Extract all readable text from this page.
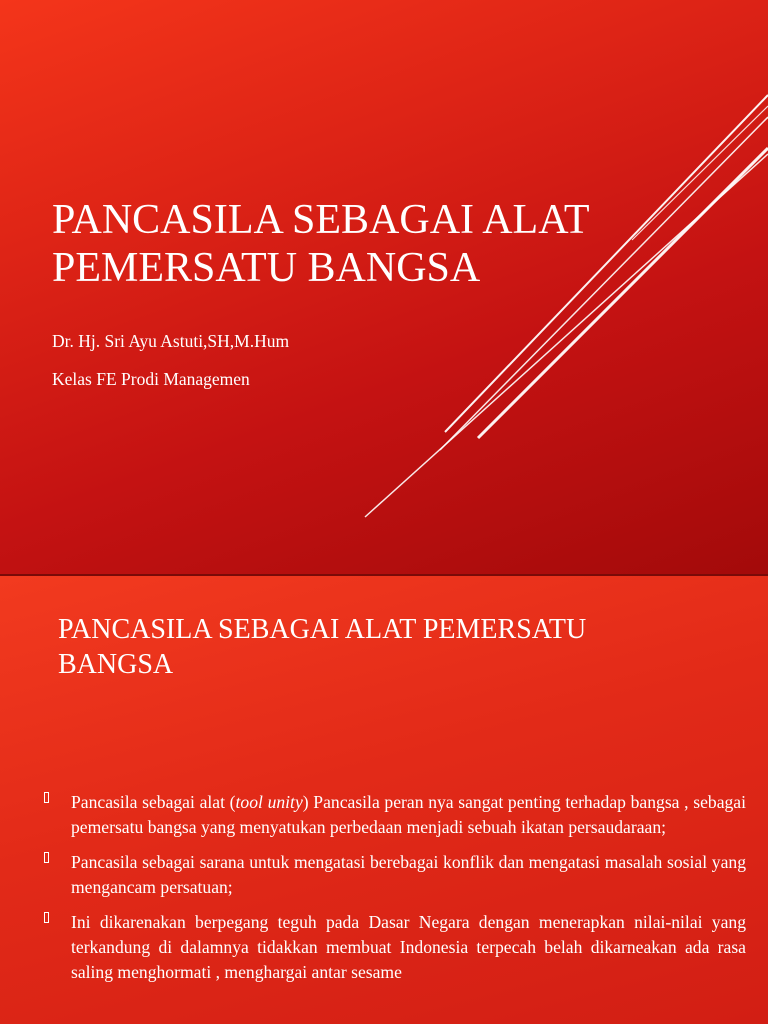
PANCASILA SEBAGAI ALAT
PEMERSATU BANGSA

Dr. Hj. Sri Ayu Astuti,SH,M.Hum

Kelas FE Prodi Managemen

PANCASILA SEBAGAI ALAT PEMERSATU
BANGSA
Pancasila sebagai alat (tool unity) Pancasila peran nya sangat penting terhadap bangsa , sebagai pemersatu bangsa yang menyatukan perbedaan menjadi sebuah ikatan persaudaraan;
Pancasila sebagai sarana untuk mengatasi berebagai konflik dan mengatasi masalah sosial yang mengancam persatuan;
Ini dikarenakan berpegang teguh pada Dasar Negara dengan menerapkan nilai-nilai yang terkandung di dalamnya tidakkan membuat Indonesia terpecah belah dikarneakan ada rasa saling menghormati , menghargai antar sesame
